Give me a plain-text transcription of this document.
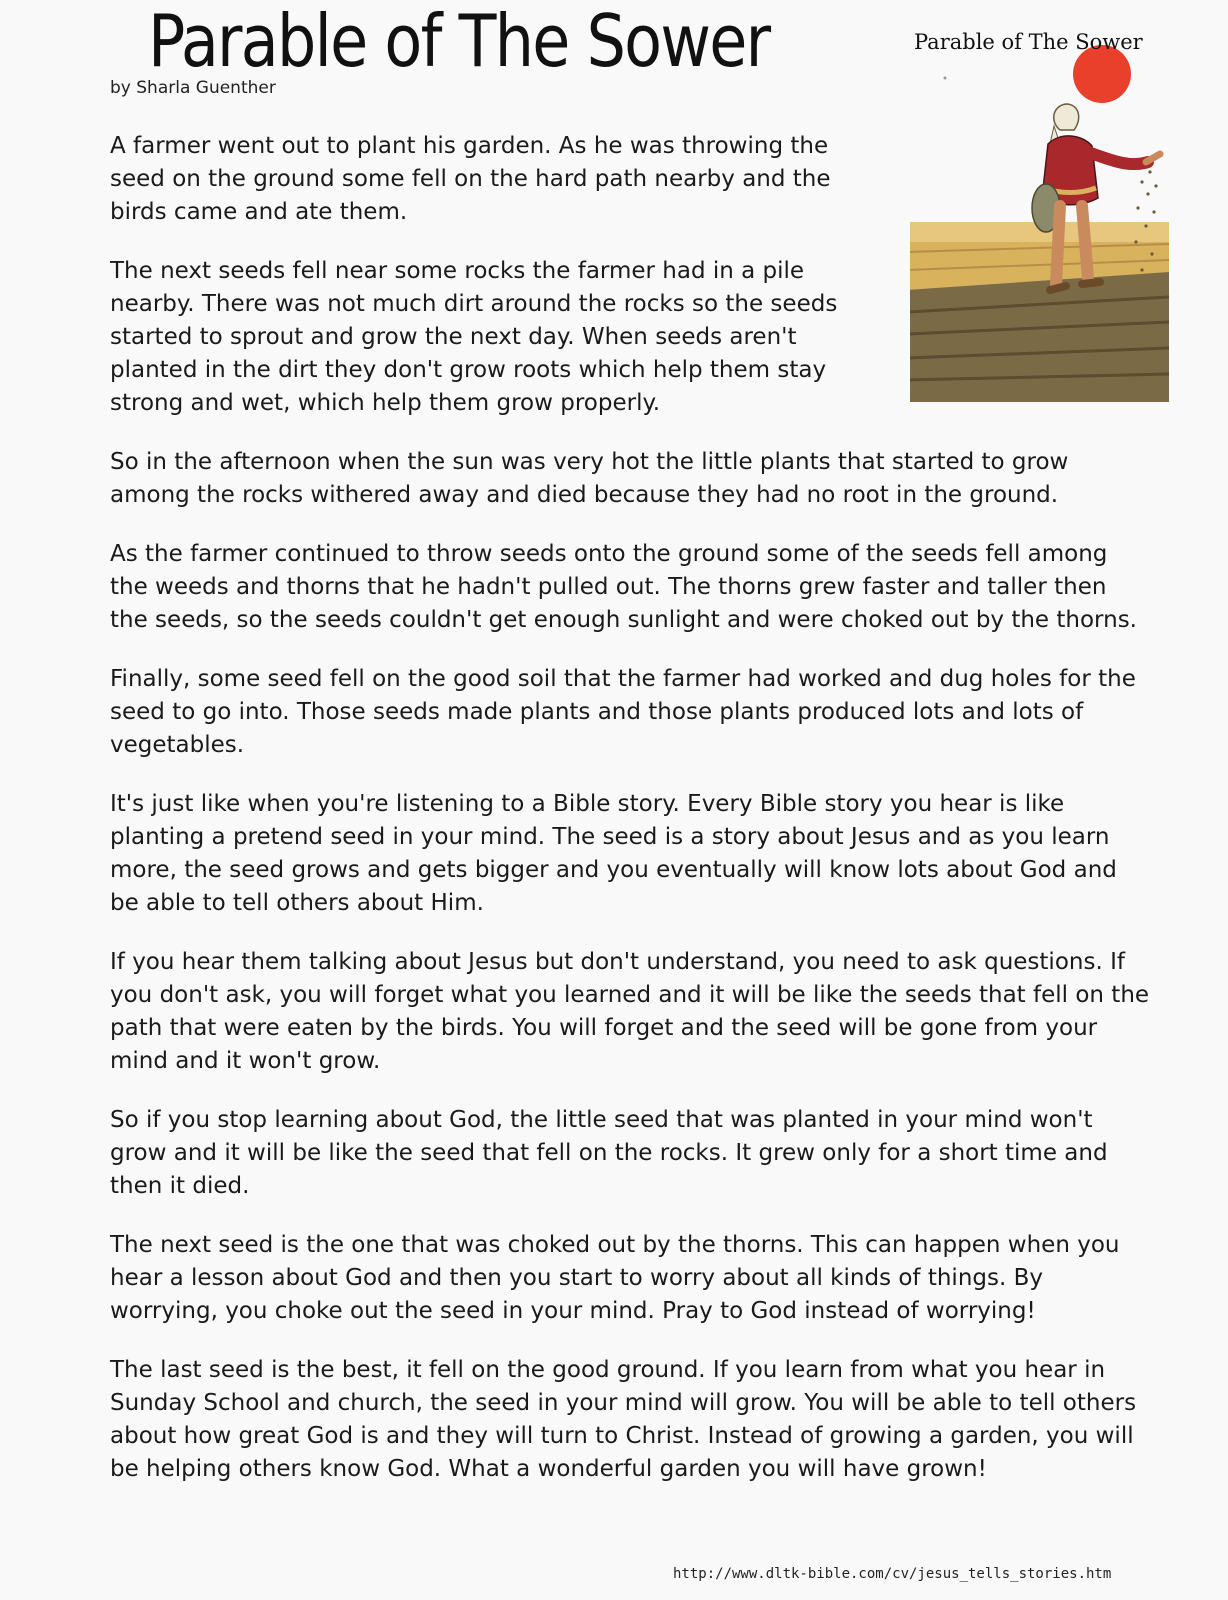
Parable of The Sower
by Sharla Guenther
Parable of The Sower

A farmer went out to plant his garden. As he was throwing the seed on the ground some fell on the hard path nearby and the birds came and ate them.

The next seeds fell near some rocks the farmer had in a pile nearby. There was not much dirt around the rocks so the seeds started to sprout and grow the next day. When seeds aren't planted in the dirt they don't grow roots which help them stay strong and wet, which help them grow properly.

So in the afternoon when the sun was very hot the little plants that started to grow among the rocks withered away and died because they had no root in the ground.

As the farmer continued to throw seeds onto the ground some of the seeds fell among the weeds and thorns that he hadn't pulled out. The thorns grew faster and taller then the seeds, so the seeds couldn't get enough sunlight and were choked out by the thorns.

Finally, some seed fell on the good soil that the farmer had worked and dug holes for the seed to go into. Those seeds made plants and those plants produced lots and lots of vegetables.

It's just like when you're listening to a Bible story. Every Bible story you hear is like planting a pretend seed in your mind. The seed is a story about Jesus and as you learn more, the seed grows and gets bigger and you eventually will know lots about God and be able to tell others about Him.

If you hear them talking about Jesus but don't understand, you need to ask questions. If you don't ask, you will forget what you learned and it will be like the seeds that fell on the path that were eaten by the birds. You will forget and the seed will be gone from your mind and it won't grow.

So if you stop learning about God, the little seed that was planted in your mind won't grow and it will be like the seed that fell on the rocks. It grew only for a short time and then it died.

The next seed is the one that was choked out by the thorns. This can happen when you hear a lesson about God and then you start to worry about all kinds of things. By worrying, you choke out the seed in your mind. Pray to God instead of worrying!

The last seed is the best, it fell on the good ground. If you learn from what you hear in Sunday School and church, the seed in your mind will grow. You will be able to tell others about how great God is and they will turn to Christ. Instead of growing a garden, you will be helping others know God. What a wonderful garden you will have grown!

http://www.dltk-bible.com/cv/jesus_tells_stories.htm
